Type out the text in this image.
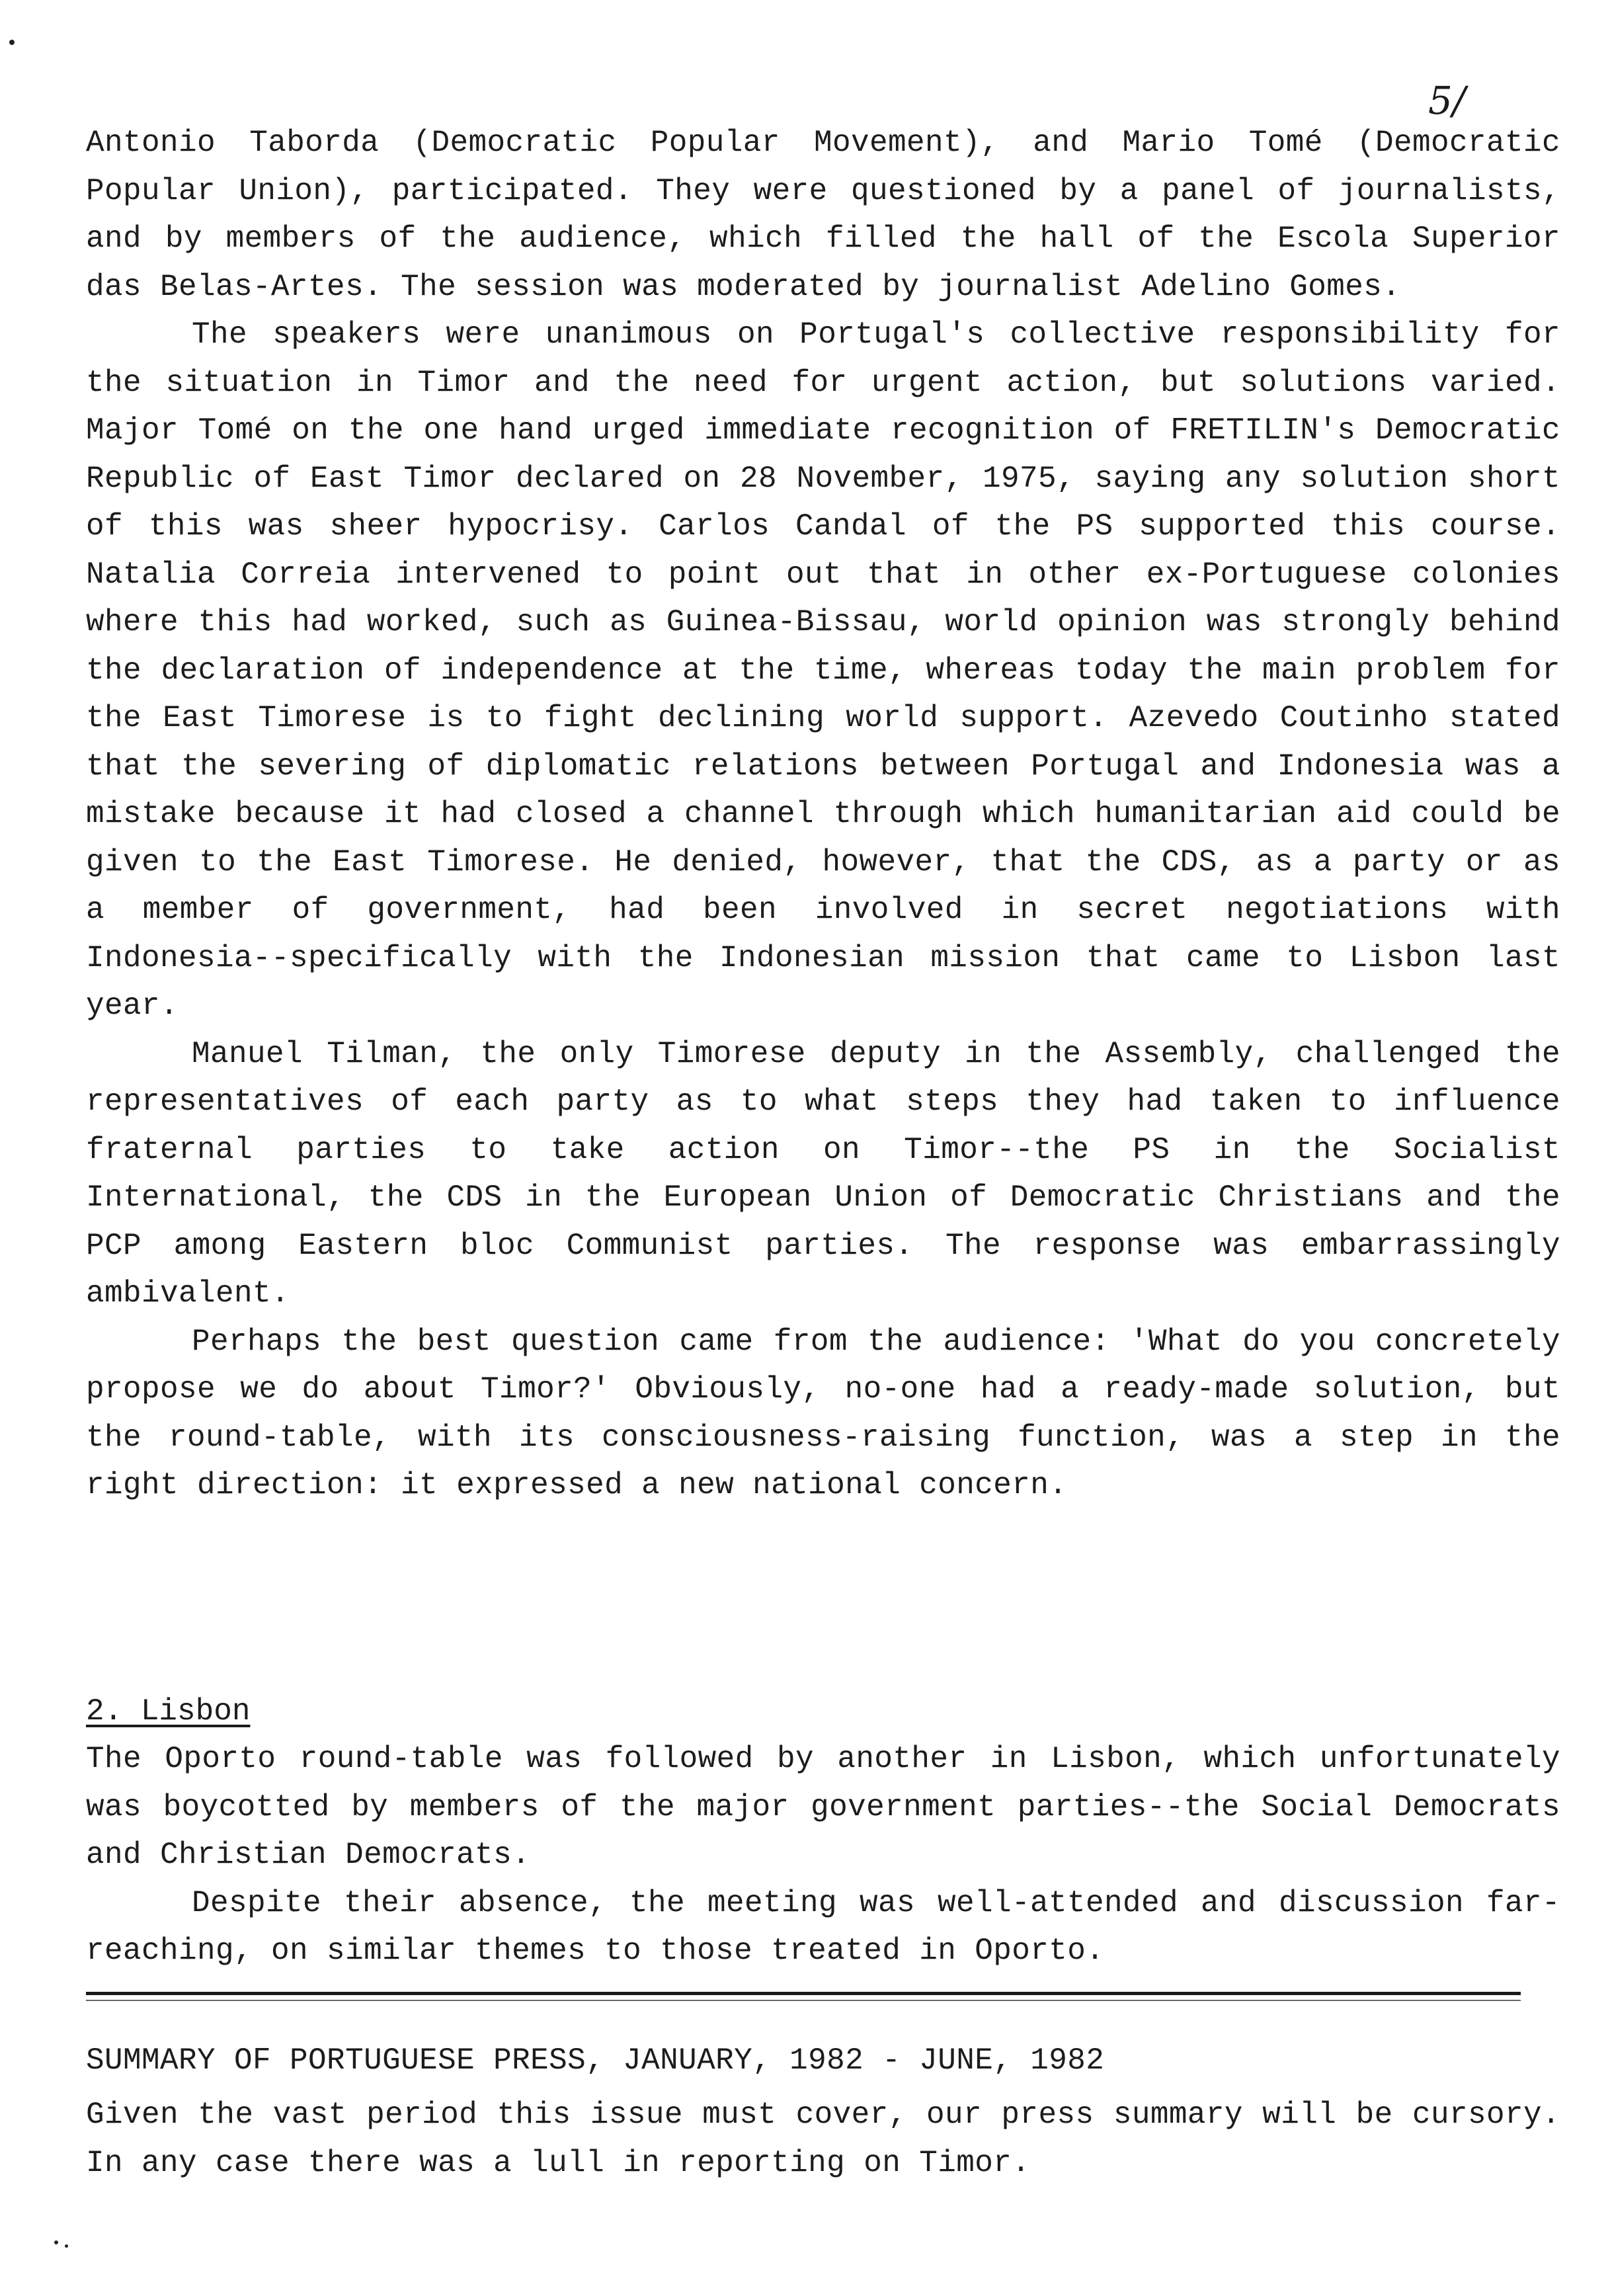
5/

Antonio Taborda (Democratic Popular Movement), and Mario Tomé (Democratic Popular Union), participated. They were questioned by a panel of journalists, and by members of the audience, which filled the hall of the Escola Superior das Belas-Artes. The session was moderated by journalist Adelino Gomes.

The speakers were unanimous on Portugal's collective responsibility for the situation in Timor and the need for urgent action, but solutions varied. Major Tomé on the one hand urged immediate recognition of FRETILIN's Democratic Republic of East Timor declared on 28 November, 1975, saying any solution short of this was sheer hypocrisy. Carlos Candal of the PS supported this course. Natalia Correia intervened to point out that in other ex-Portuguese colonies where this had worked, such as Guinea-Bissau, world opinion was strongly behind the declaration of independence at the time, whereas today the main problem for the East Timorese is to fight declining world support. Azevedo Coutinho stated that the severing of diplomatic relations between Portugal and Indonesia was a mistake because it had closed a channel through which humanitarian aid could be given to the East Timorese. He denied, however, that the CDS, as a party or as a member of government, had been involved in secret negotiations with Indonesia--specifically with the Indonesian mission that came to Lisbon last year.

Manuel Tilman, the only Timorese deputy in the Assembly, challenged the representatives of each party as to what steps they had taken to influence fraternal parties to take action on Timor--the PS in the Socialist International, the CDS in the European Union of Democratic Christians and the PCP among Eastern bloc Communist parties. The response was embarrassingly ambivalent.

Perhaps the best question came from the audience: 'What do you concretely propose we do about Timor?' Obviously, no-one had a ready-made solution, but the round-table, with its consciousness-raising function, was a step in the right direction: it expressed a new national concern.

2. Lisbon

The Oporto round-table was followed by another in Lisbon, which unfortunately was boycotted by members of the major government parties--the Social Democrats and Christian Democrats.

Despite their absence, the meeting was well-attended and discussion far-reaching, on similar themes to those treated in Oporto.

SUMMARY OF PORTUGUESE PRESS, JANUARY, 1982 - JUNE, 1982

Given the vast period this issue must cover, our press summary will be cursory. In any case there was a lull in reporting on Timor.
